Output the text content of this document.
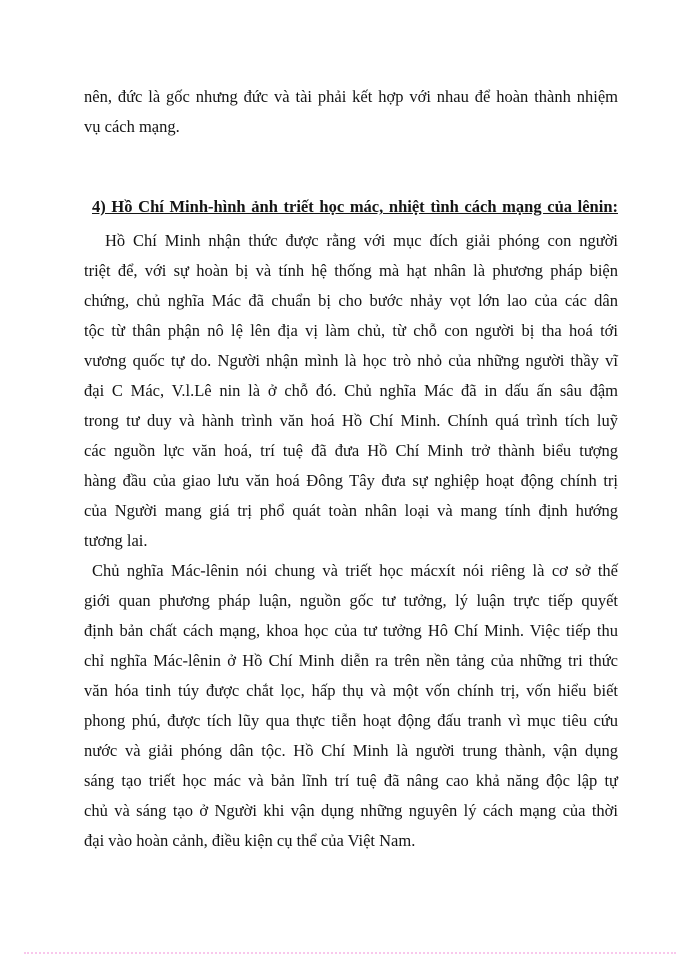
nên, đức là gốc nhưng đức và tài phải kết hợp với nhau để hoàn thành nhiệm
vụ cách mạng.
4) Hồ Chí Minh-hình ảnh triết học mác, nhiệt tình cách mạng của lênin:
Hồ Chí Minh nhận thức được rằng với mục đích giải phóng con người
triệt để, với sự hoàn bị và tính hệ thống mà hạt nhân là phương pháp biện
chứng, chủ nghĩa Mác đã chuẩn bị cho bước nhảy vọt lớn lao của các dân
tộc từ thân phận nô lệ lên địa vị làm chủ, từ chỗ con người bị tha hoá tới
vương quốc tự do. Người nhận mình là học trò nhỏ của những người thầy vĩ
đại C Mác, V.l.Lê nin là ở chỗ đó. Chủ nghĩa Mác đã in dấu ấn sâu đậm
trong tư duy và hành trình văn hoá Hồ Chí Minh. Chính quá trình tích luỹ
các nguồn lực văn hoá, trí tuệ đã đưa Hồ Chí Minh trở thành biểu tượng
hàng đầu của giao lưu văn hoá Đông Tây đưa sự nghiệp hoạt động chính trị
của Người mang giá trị phổ quát toàn nhân loại và mang tính định hướng
tương lai.
Chủ nghĩa Mác-lênin nói chung và triết học mácxít nói riêng là cơ sở thế
giới quan phương pháp luận, nguồn gốc tư tưởng, lý luận trực tiếp quyết
định bản chất cách mạng, khoa học của tư tưởng Hô Chí Minh. Việc tiếp thu
chỉ nghĩa Mác-lênin ở Hồ Chí Minh diễn ra trên nền tảng của những tri thức
văn hóa tinh túy được chắt lọc, hấp thụ và một vốn chính trị, vốn hiểu biết
phong phú, được tích lũy qua thực tiễn hoạt động đấu tranh vì mục tiêu cứu
nước và giải phóng dân tộc. Hồ Chí Minh là người trung thành, vận dụng
sáng tạo triết học mác và bản lĩnh trí tuệ đã nâng cao khả năng độc lập tự
chủ và sáng tạo ở Người khi vận dụng những nguyên lý cách mạng của thời
đại vào hoàn cảnh, điều kiện cụ thể của Việt Nam.
